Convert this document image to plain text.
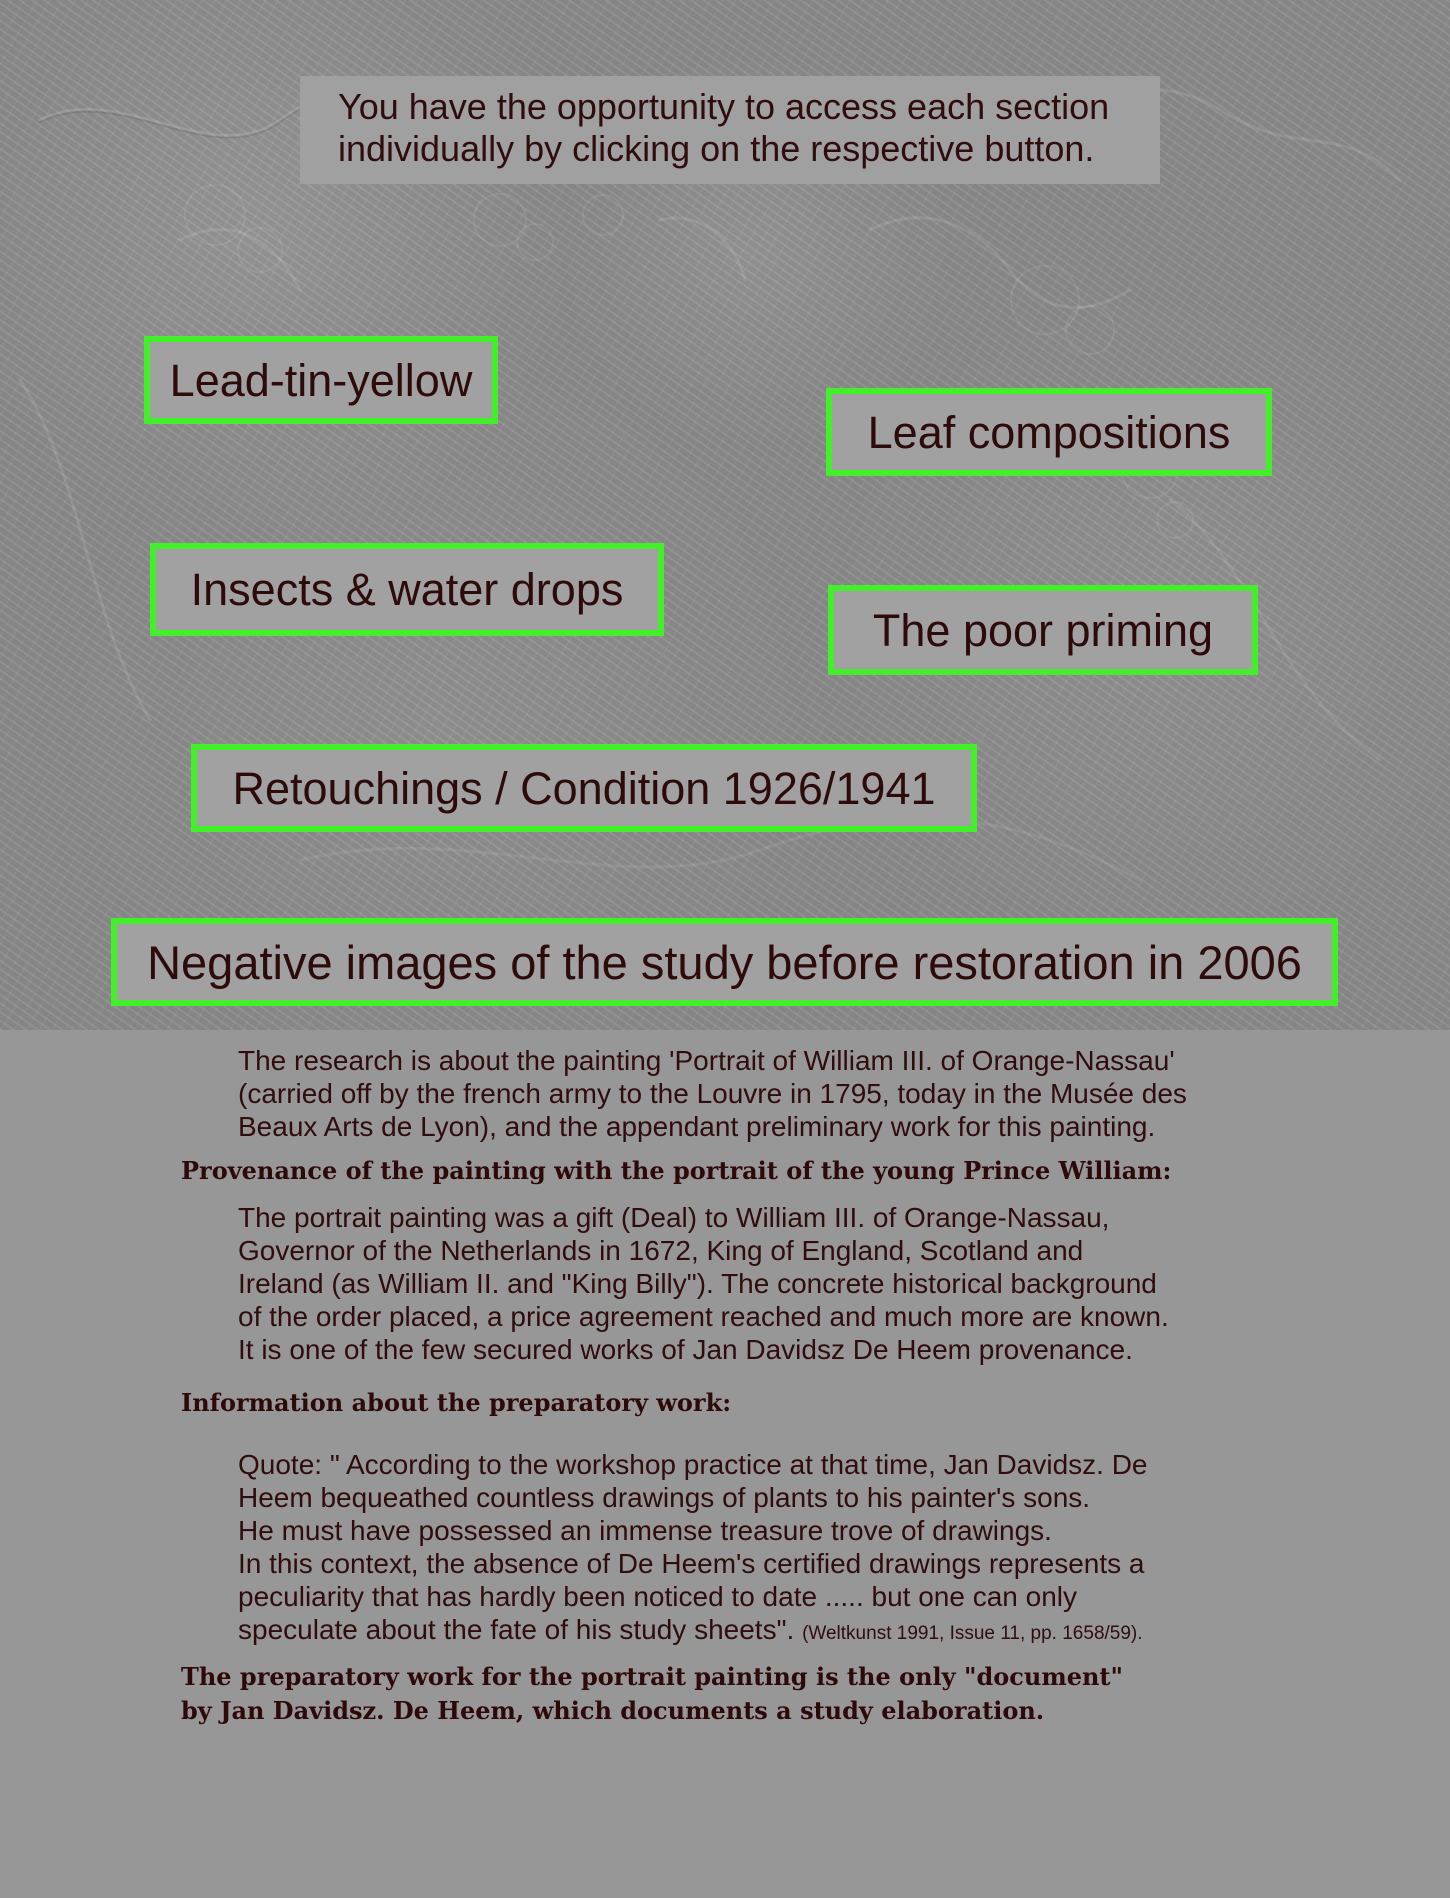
You have the opportunity to access each section
individually by clicking on the respective button.
Lead-tin-yellow
Leaf compositions
Insects & water drops
The poor priming
Retouchings / Condition 1926/1941
Negative images of the study before restoration in 2006
The research is about the painting 'Portrait of William III. of Orange-Nassau'
(carried off by the french army to the Louvre in 1795, today in the Musée des
Beaux Arts de Lyon), and the appendant preliminary work for this painting.
Provenance of the painting with the portrait of the young Prince William:
The portrait painting was a gift (Deal) to William III. of Orange-Nassau,
Governor of the Netherlands in 1672, King of England, Scotland and
Ireland (as William II. and "King Billy"). The concrete historical background
of the order placed, a price agreement reached and much more are known.
It is one of the few secured works of Jan Davidsz De Heem provenance.
Information about the preparatory work:
Quote: " According to the workshop practice at that time, Jan Davidsz. De
Heem bequeathed countless drawings of plants to his painter's sons.
He must have possessed an immense treasure trove of drawings.
In this context, the absence of De Heem's certified drawings represents a
peculiarity that has hardly been noticed to date ..... but one can only
speculate about the fate of his study sheets". (Weltkunst 1991, Issue 11, pp. 1658/59).
The preparatory work for the portrait painting is the only "document"
by Jan Davidsz. De Heem, which documents a study elaboration.
